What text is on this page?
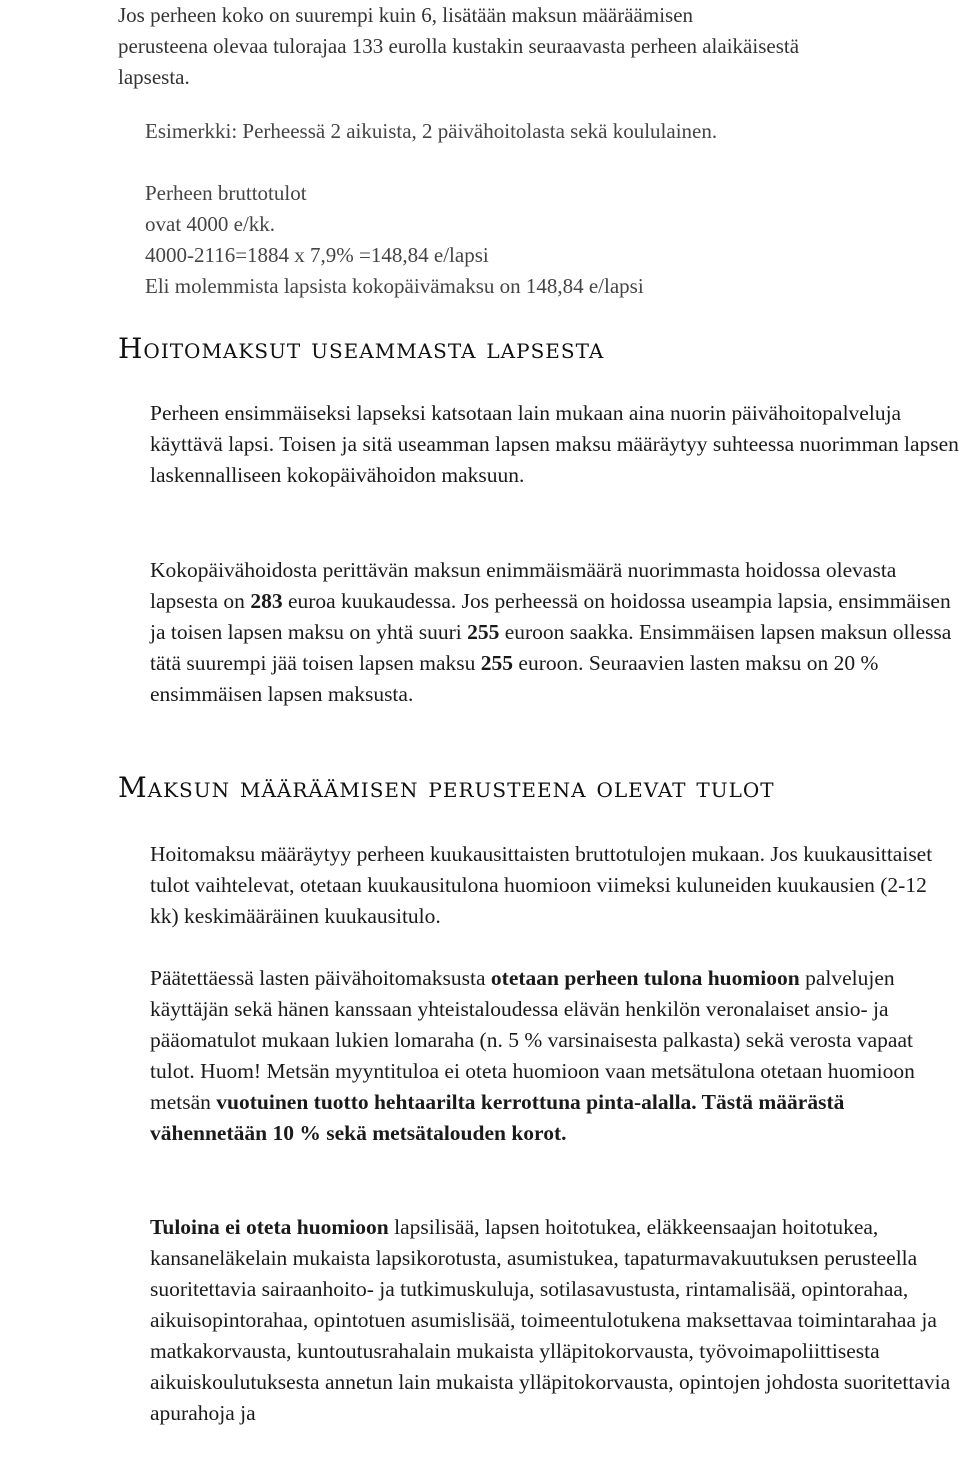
Jos perheen koko on suurempi kuin 6, lisätään maksun määräämisen
perusteena olevaa tulorajaa 133 eurolla kustakin seuraavasta perheen alaikäisestä
lapsesta.
Esimerkki: Perheessä 2 aikuista, 2 päivähoitolasta sekä koululainen.
Perheen bruttotulot
ovat 4000 e/kk.
4000-2116=1884 x 7,9% =148,84 e/lapsi
Eli molemmista lapsista kokopäivämaksu on 148,84 e/lapsi
Hoitomaksut useammasta lapsesta
Perheen ensimmäiseksi lapseksi katsotaan lain mukaan aina nuorin päivähoitopalveluja käyttävä lapsi. Toisen ja sitä useamman lapsen maksu määräytyy suhteessa nuorimman lapsen laskennalliseen kokopäivähoidon maksuun.
Kokopäivähoidosta perittävän maksun enimmäismäärä nuorimmasta hoidossa olevasta lapsesta on 283 euroa kuukaudessa. Jos perheessä on hoidossa useampia lapsia, ensimmäisen ja toisen lapsen maksu on yhtä suuri 255 euroon saakka. Ensimmäisen lapsen maksun ollessa tätä suurempi jää toisen lapsen maksu 255 euroon. Seuraavien lasten maksu on 20 % ensimmäisen lapsen maksusta.
Maksun määräämisen perusteena olevat tulot
Hoitomaksu määräytyy perheen kuukausittaisten bruttotulojen mukaan. Jos kuukausittaiset tulot vaihtelevat, otetaan kuukausitulona huomioon viimeksi kuluneiden kuukausien (2-12 kk) keskimääräinen kuukausitulo.
Päätettäessä lasten päivähoitomaksusta otetaan perheen tulona huomioon palvelujen käyttäjän sekä hänen kanssaan yhteistaloudessa elävän henkilön veronalaiset ansio- ja pääomatulot mukaan lukien lomaraha (n. 5 % varsinaisesta palkasta) sekä verosta vapaat tulot. Huom! Metsän myyntituloa ei oteta huomioon vaan metsätulona otetaan huomioon metsän vuotuinen tuotto hehtaarilta kerrottuna pinta-alalla. Tästä määrästä vähennetään 10 % sekä metsätalouden korot.
Tuloina ei oteta huomioon lapsilisää, lapsen hoitotukea, eläkkeensaajan hoitotukea, kansaneläkelain mukaista lapsikorotusta, asumistukea, tapaturmavakuutuksen perusteella suoritettavia sairaanhoito- ja tutkimuskuluja, sotilasavustusta, rintamalisää, opintorahaa, aikuisopintorahaa, opintotuen asumislisää, toimeentulotukena maksettavaa toimintarahaa ja matkakorvausta, kuntoutusrahalain mukaista ylläpitokorvausta, työvoimapoliittisesta aikuiskoulutuksesta annetun lain mukaista ylläpitokorvausta, opintojen johdosta suoritettavia apurahoja ja
